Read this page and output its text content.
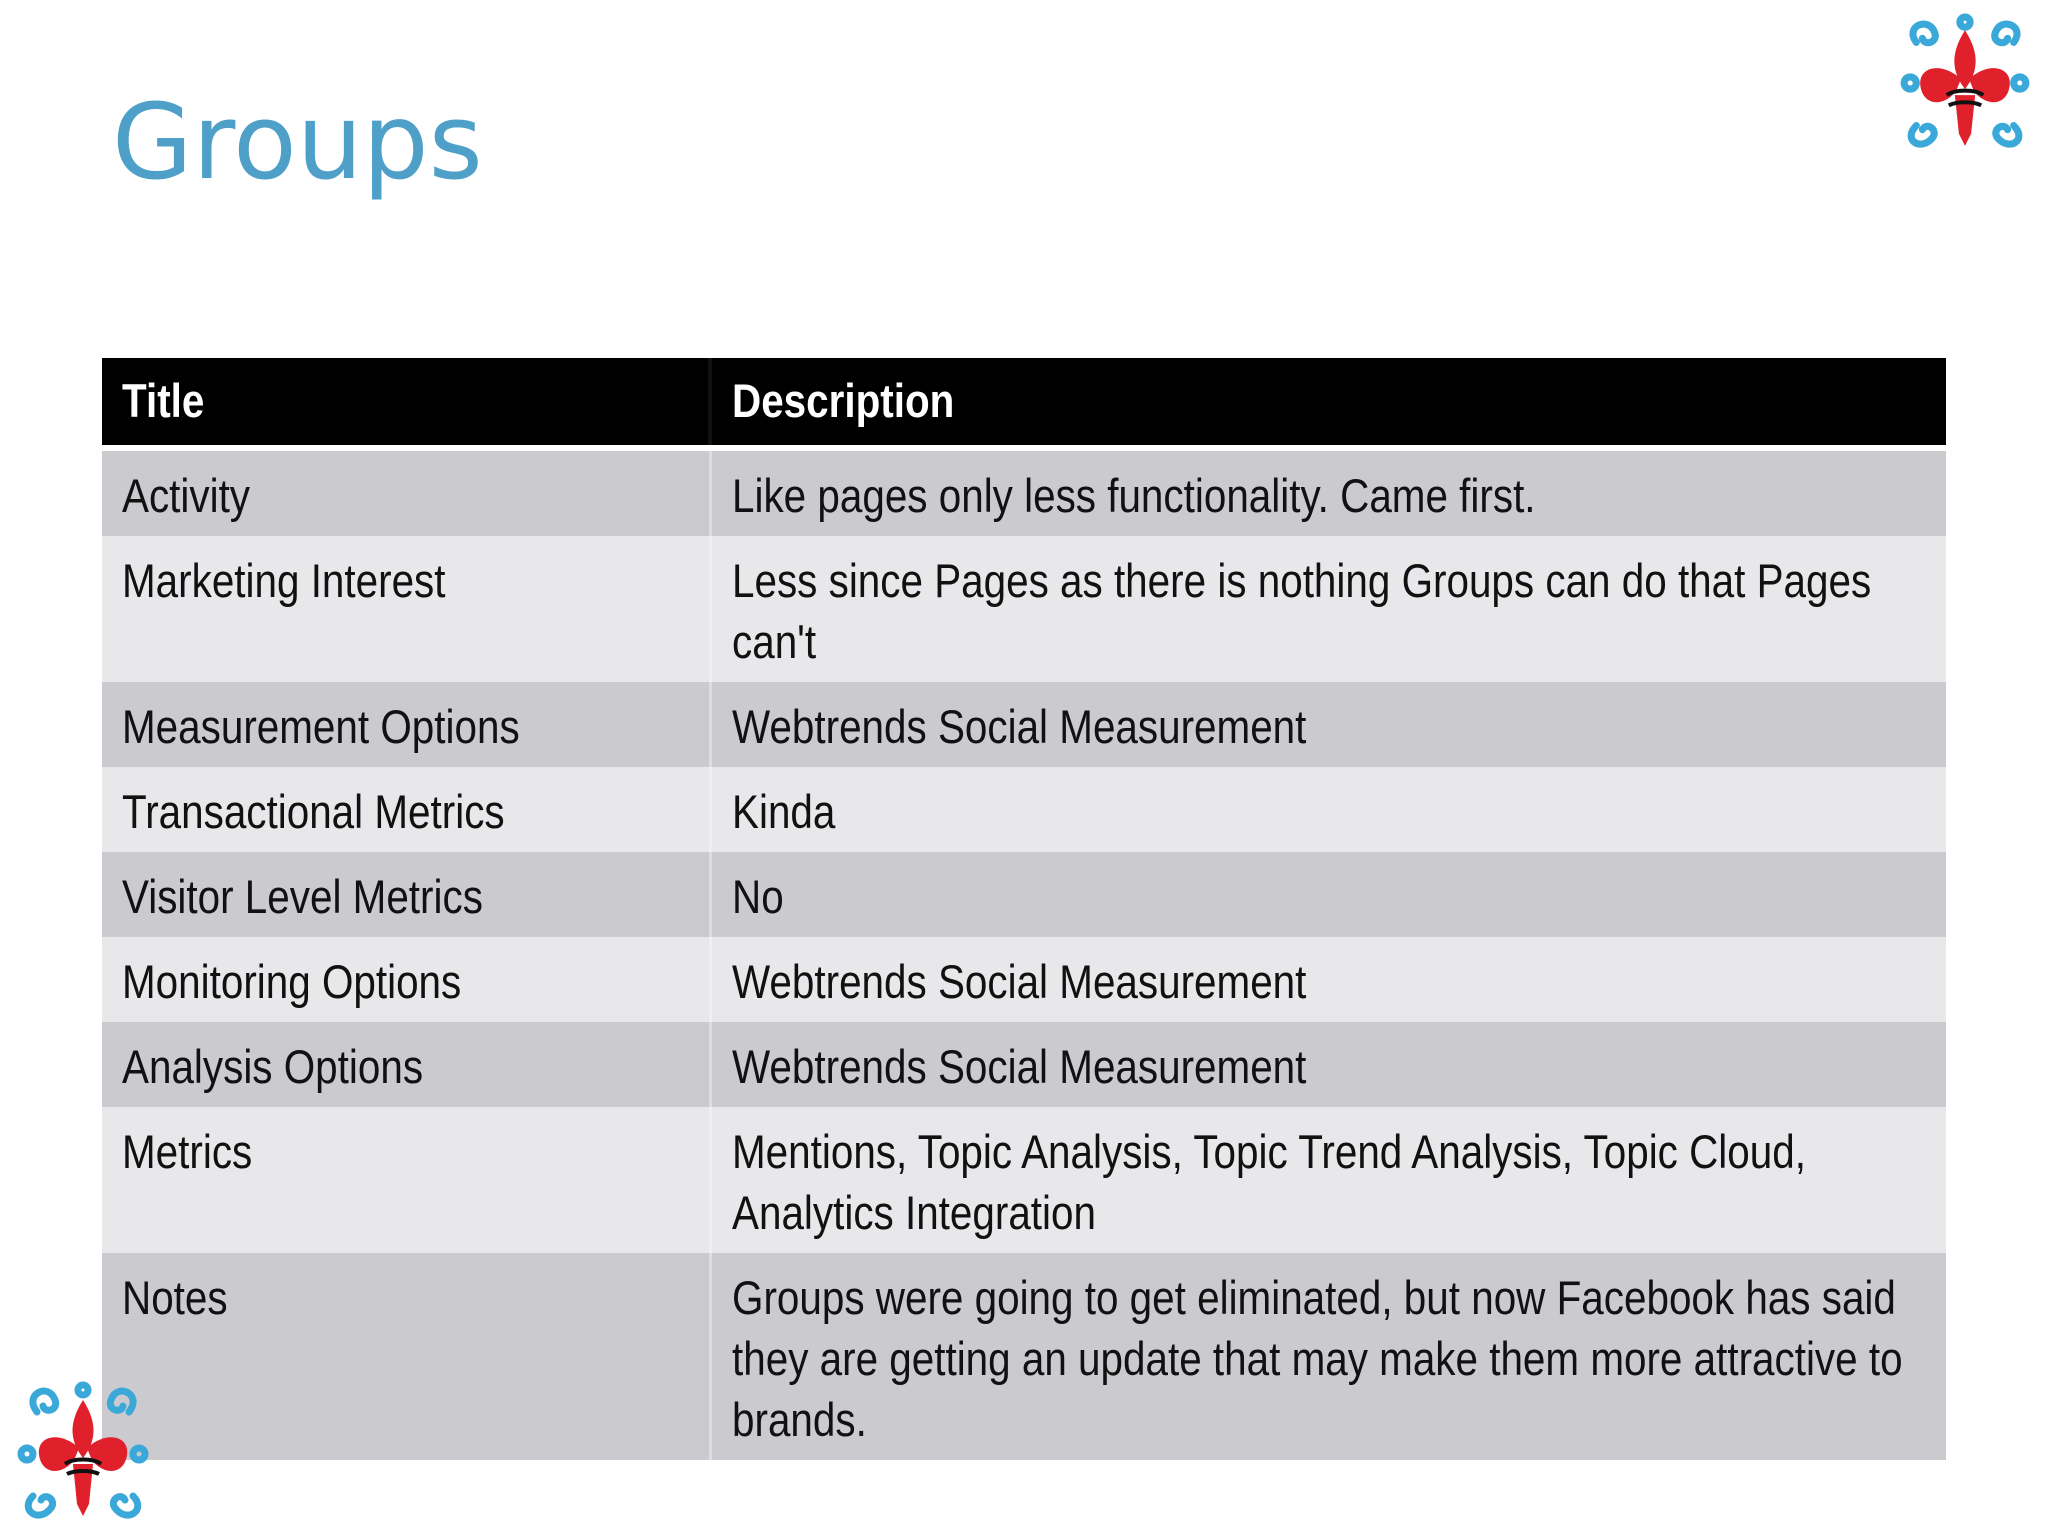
Groups
Title	Description
Activity	Like pages only less functionality. Came first.
Marketing Interest	Less since Pages as there is nothing Groups can do that Pages can't

Measurement Options	Webtrends Social Measurement
Transactional Metrics	Kinda
Visitor Level Metrics	No
Monitoring Options	Webtrends Social Measurement
Analysis Options	Webtrends Social Measurement
Metrics	Mentions, Topic Analysis, Topic Trend Analysis, Topic Cloud, Analytics Integration

Notes	Groups were going to get eliminated, but now Facebook has said they are getting an update that may make them more attractive to brands.
